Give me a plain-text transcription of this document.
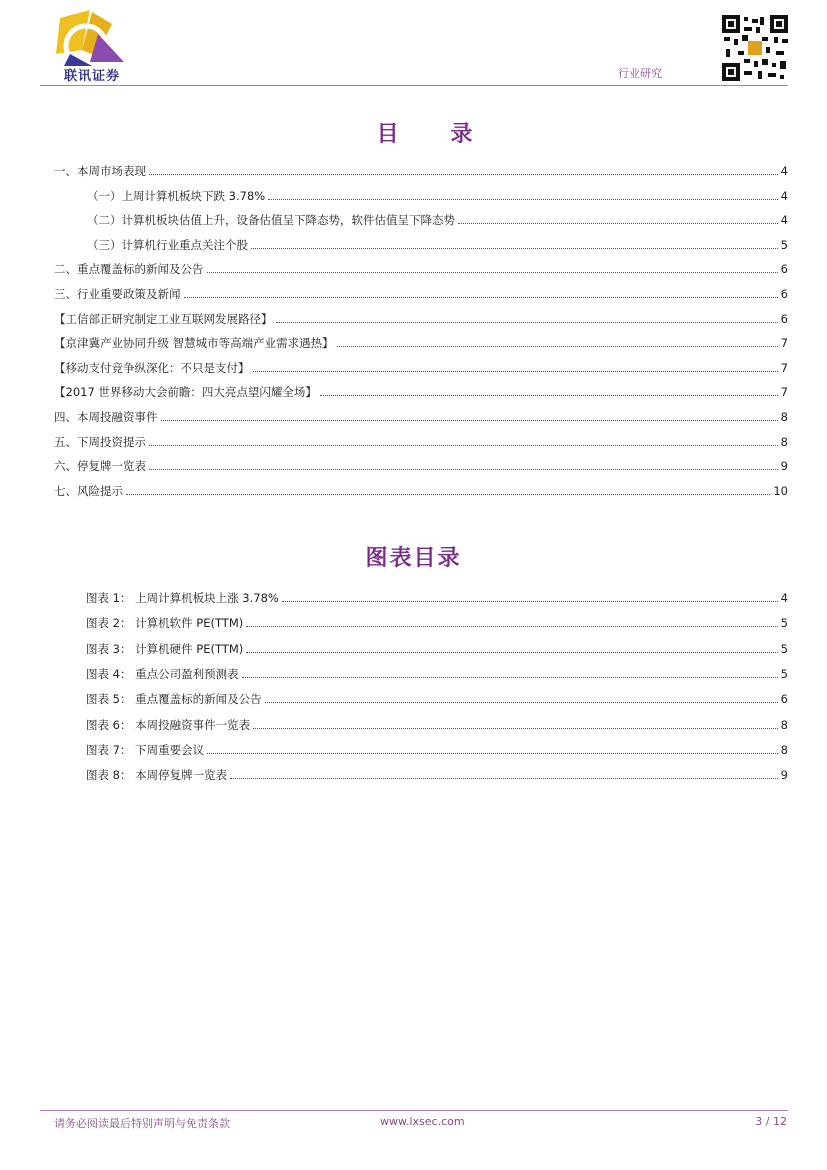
联讯证券	行业研究
目 录
一、本周市场表现	4
（一）上周计算机板块下跌 3.78%	4
（二）计算机板块估值上升，设备估值呈下降态势，软件估值呈下降态势	4
（三）计算机行业重点关注个股	5
二、重点覆盖标的新闻及公告	6
三、行业重要政策及新闻	6
【工信部正研究制定工业互联网发展路径】	6
【京津冀产业协同升级 智慧城市等高端产业需求遇热】	7
【移动支付竞争纵深化：不只是支付】	7
【2017 世界移动大会前瞻：四大亮点望闪耀全场】	7
四、本周投融资事件	8
五、下周投资提示	8
六、停复牌一览表	9
七、风险提示	10
图表目录
图表 1： 上周计算机板块上涨 3.78%	4
图表 2： 计算机软件 PE(TTM)	5
图表 3： 计算机硬件 PE(TTM)	5
图表 4： 重点公司盈利预测表	5
图表 5： 重点覆盖标的新闻及公告	6
图表 6： 本周投融资事件一览表	8
图表 7： 下周重要会议	8
图表 8： 本周停复牌一览表	9
请务必阅读最后特别声明与免责条款	www.lxsec.com	3 / 12
